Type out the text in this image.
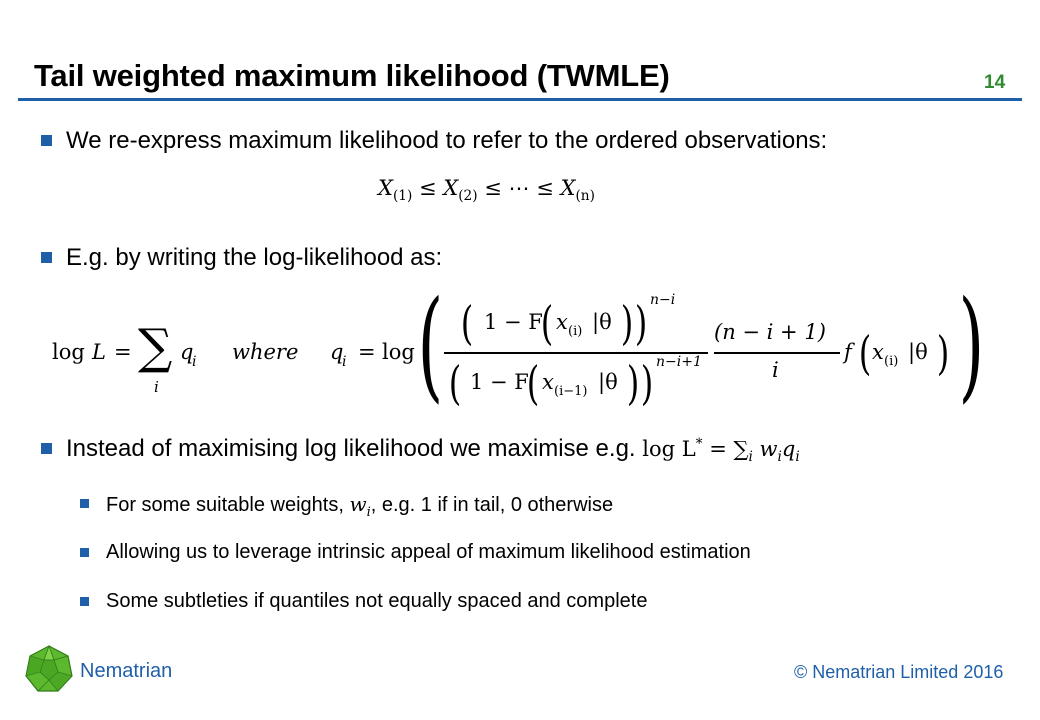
Tail weighted maximum likelihood (TWMLE)	14
We re-express maximum likelihood to refer to the ordered observations:
$X_{(1)} \le X_{(2)}$ ≤ ⋯ ≤ $X_{(n)}$
E.g. by writing the log-likelihood as:
log L = ∑
i
q
i where q
i = log ( ( 1 − F
( x (i) |θ ) ) n−i
( 1 − F
( x (i−1) |θ ) ) n−i+1
(n − i + 1)
i
f ( x (i) |θ ) )
Instead of maximising log likelihood we maximise e.g. $\log L^* = \sum_i$ $w_iq_i$
For some suitable weights, $w_i$, e.g. 1 if in tail, 0 otherwise
Allowing us to leverage intrinsic appeal of maximum likelihood estimation
Some subtleties if quantiles not equally spaced and complete
Nematrian	© Nematrian Limited 2016
